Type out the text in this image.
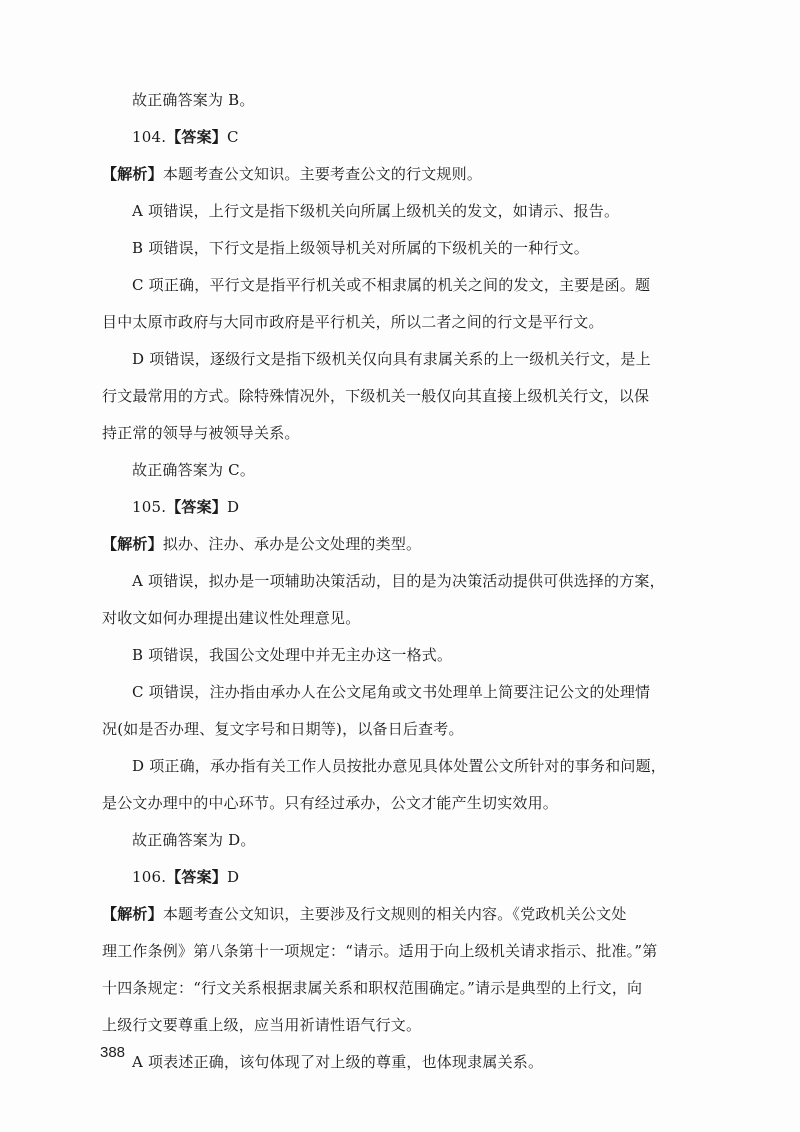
故正确答案为 B。

104.【答案】C

【解析】本题考查公文知识。主要考查公文的行文规则。

A 项错误，上行文是指下级机关向所属上级机关的发文，如请示、报告。

B 项错误，下行文是指上级领导机关对所属的下级机关的一种行文。

C 项正确，平行文是指平行机关或不相隶属的机关之间的发文，主要是函。题

目中太原市政府与大同市政府是平行机关，所以二者之间的行文是平行文。

D 项错误，逐级行文是指下级机关仅向具有隶属关系的上一级机关行文，是上

行文最常用的方式。除特殊情况外，下级机关一般仅向其直接上级机关行文，以保

持正常的领导与被领导关系。

故正确答案为 C。

105.【答案】D

【解析】拟办、注办、承办是公文处理的类型。

A 项错误，拟办是一项辅助决策活动，目的是为决策活动提供可供选择的方案，

对收文如何办理提出建议性处理意见。

B 项错误，我国公文处理中并无主办这一格式。

C 项错误，注办指由承办人在公文尾角或文书处理单上简要注记公文的处理情

况(如是否办理、复文字号和日期等)，以备日后查考。

D 项正确，承办指有关工作人员按批办意见具体处置公文所针对的事务和问题，

是公文办理中的中心环节。只有经过承办，公文才能产生切实效用。

故正确答案为 D。

106.【答案】D

【解析】本题考查公文知识，主要涉及行文规则的相关内容。《党政机关公文处

理工作条例》第八条第十一项规定：“请示。适用于向上级机关请求指示、批准。”第

十四条规定：“行文关系根据隶属关系和职权范围确定。”请示是典型的上行文，向

上级行文要尊重上级，应当用祈请性语气行文。

A 项表述正确，该句体现了对上级的尊重，也体现隶属关系。

388
